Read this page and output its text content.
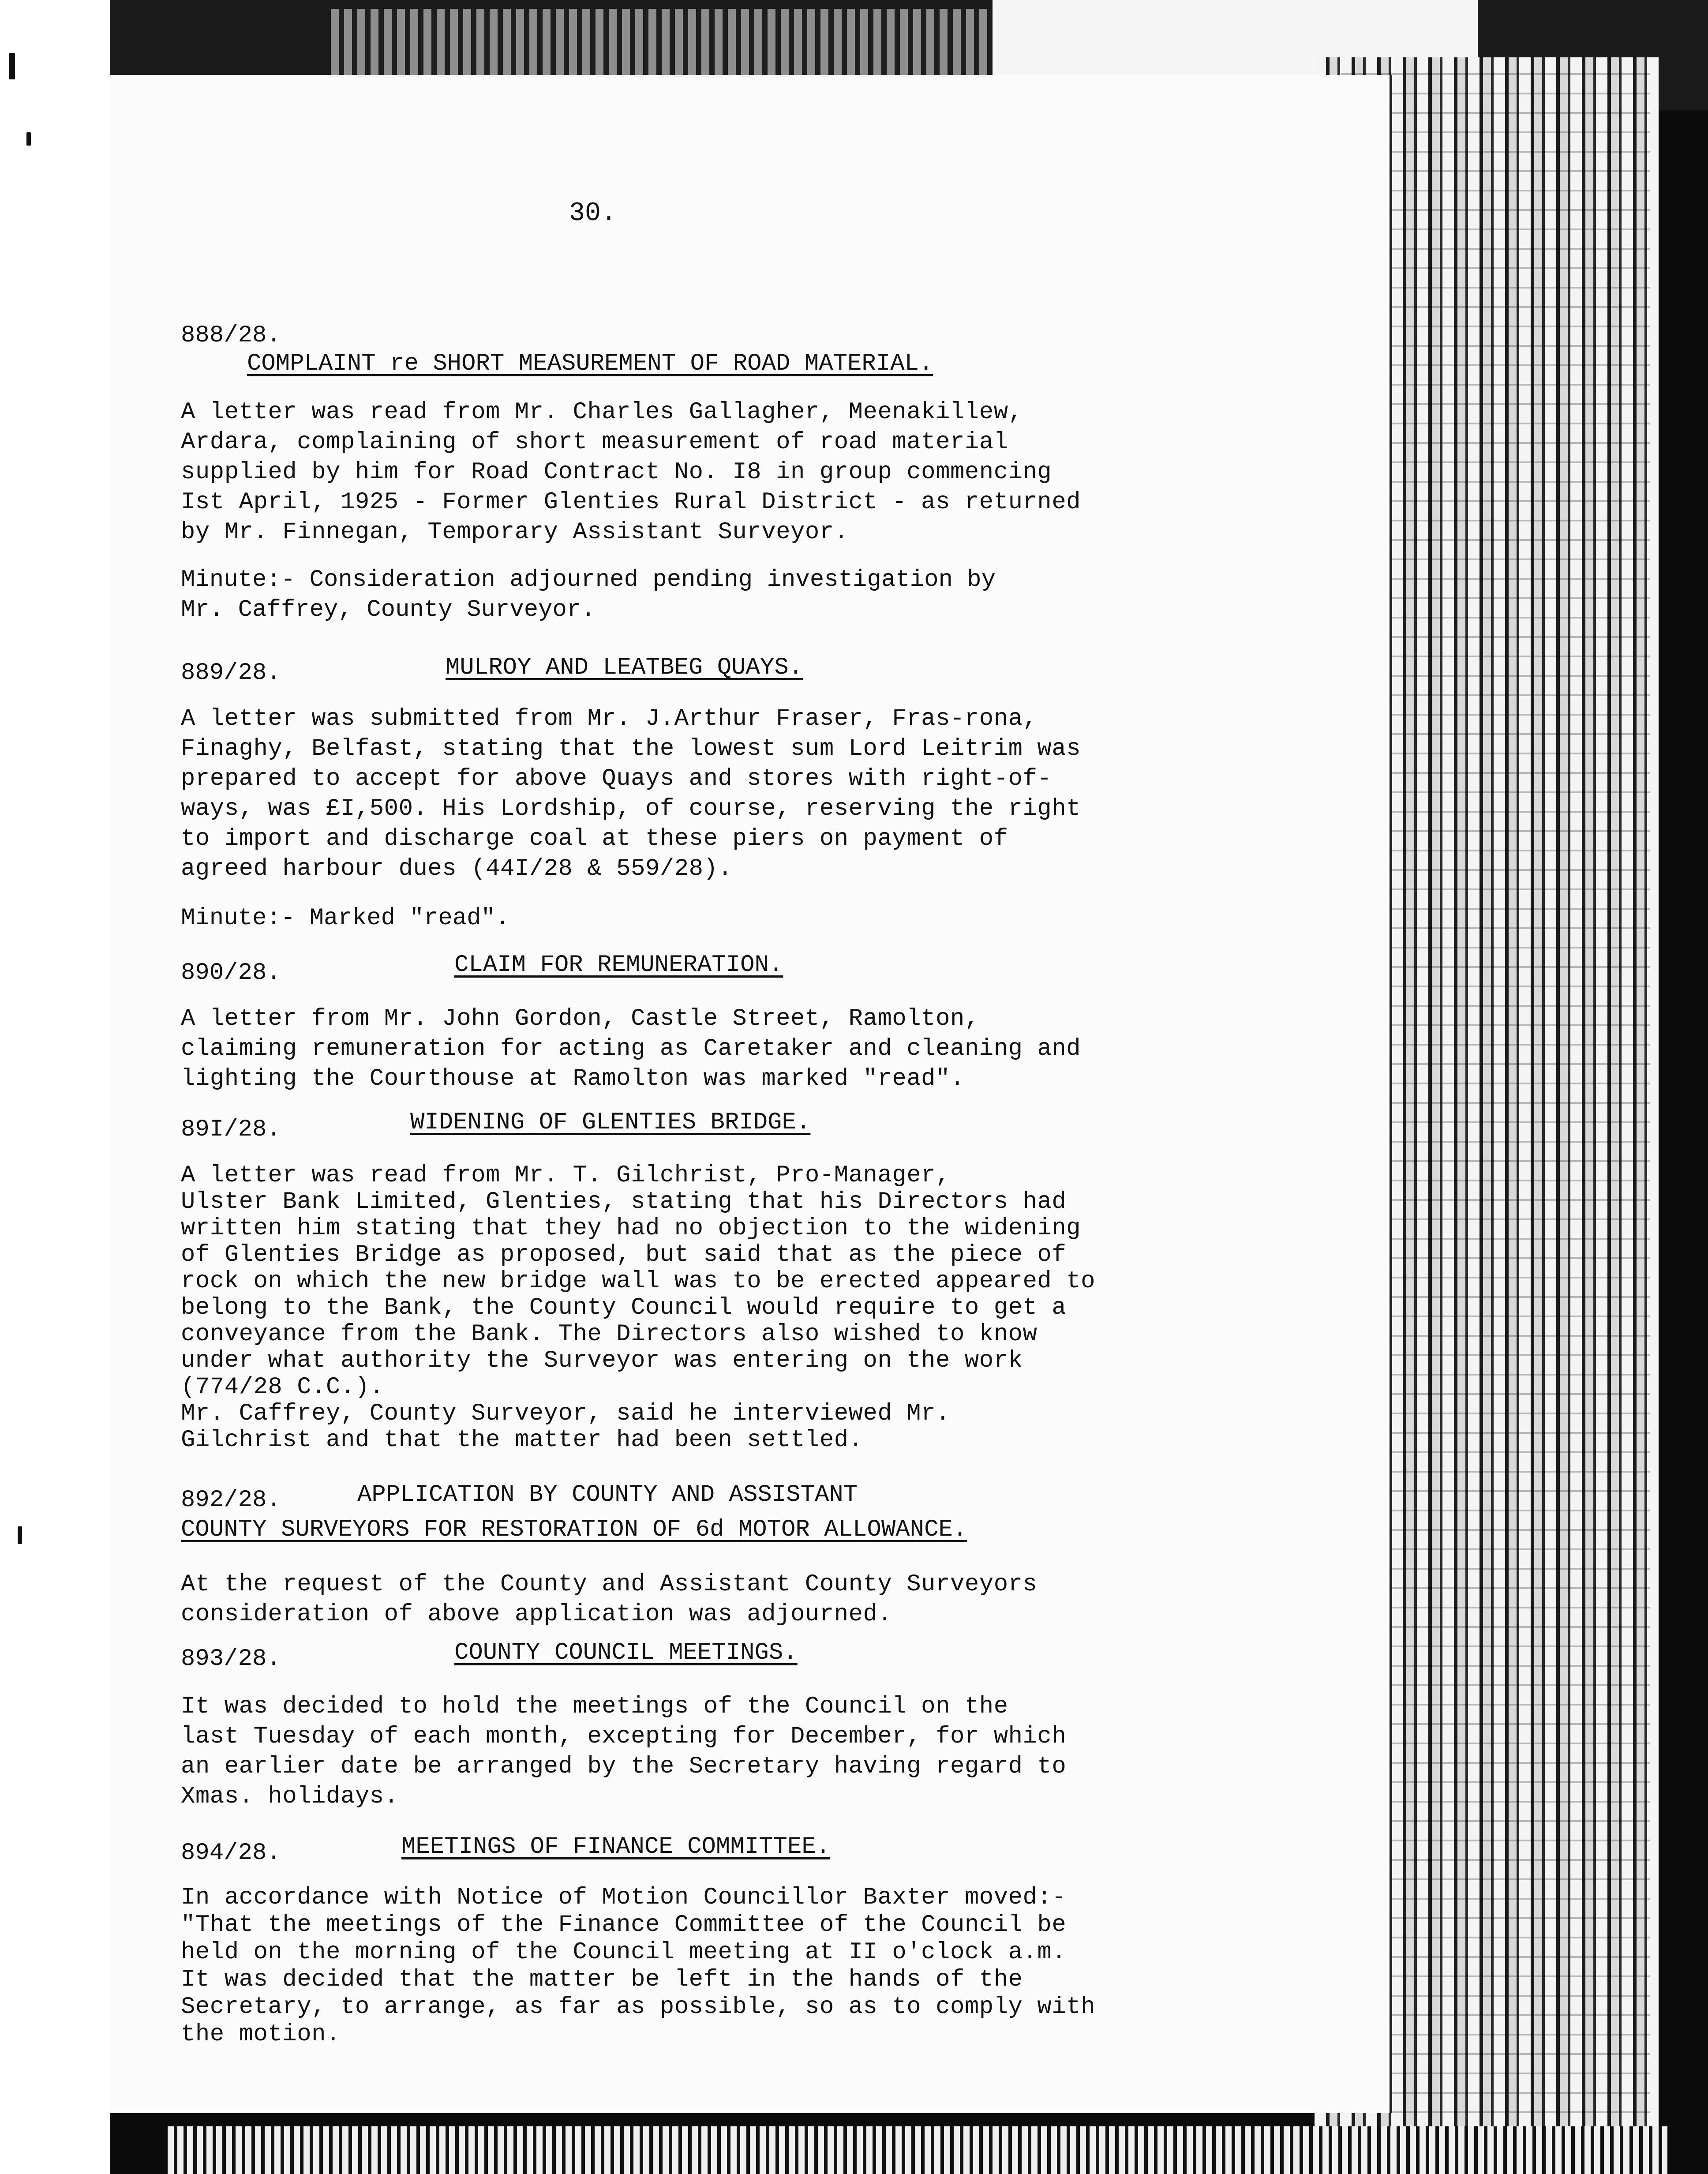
30.
888/28.
COMPLAINT re SHORT MEASUREMENT OF ROAD MATERIAL.

A letter was read from Mr. Charles Gallagher, Meenakillew,
Ardara, complaining of short measurement of road material
supplied by him for Road Contract No. I8 in group commencing
Ist April, 1925 - Former Glenties Rural District - as returned
by Mr. Finnegan, Temporary Assistant Surveyor.

Minute:- Consideration adjourned pending investigation by
Mr. Caffrey, County Surveyor.

889/28.	MULROY AND LEATBEG QUAYS.

A letter was submitted from Mr. J.Arthur Fraser, Fras-rona,
Finaghy, Belfast, stating that the lowest sum Lord Leitrim was
prepared to accept for above Quays and stores with right-of-
ways, was £I,500. His Lordship, of course, reserving the right
to import and discharge coal at these piers on payment of
agreed harbour dues (44I/28 & 559/28).

Minute:- Marked "read".

890/28.	CLAIM FOR REMUNERATION.

A letter from Mr. John Gordon, Castle Street, Ramolton,
claiming remuneration for acting as Caretaker and cleaning and
lighting the Courthouse at Ramolton was marked "read".

89I/28.	WIDENING OF GLENTIES BRIDGE.

A letter was read from Mr. T. Gilchrist, Pro-Manager,
Ulster Bank Limited, Glenties, stating that his Directors had
written him stating that they had no objection to the widening
of Glenties Bridge as proposed, but said that as the piece of
rock on which the new bridge wall was to be erected appeared to
belong to the Bank, the County Council would require to get a
conveyance from the Bank. The Directors also wished to know
under what authority the Surveyor was entering on the work
(774/28 C.C.).
Mr. Caffrey, County Surveyor, said he interviewed Mr.
Gilchrist and that the matter had been settled.

892/28.	APPLICATION BY COUNTY AND ASSISTANT
COUNTY SURVEYORS FOR RESTORATION OF 6d MOTOR ALLOWANCE.

At the request of the County and Assistant County Surveyors
consideration of above application was adjourned.

893/28.	COUNTY COUNCIL MEETINGS.

It was decided to hold the meetings of the Council on the
last Tuesday of each month, excepting for December, for which
an earlier date be arranged by the Secretary having regard to
Xmas. holidays.

894/28.	MEETINGS OF FINANCE COMMITTEE.

In accordance with Notice of Motion Councillor Baxter moved:-
"That the meetings of the Finance Committee of the Council be
held on the morning of the Council meeting at II o'clock a.m.
It was decided that the matter be left in the hands of the
Secretary, to arrange, as far as possible, so as to comply with
the motion.
